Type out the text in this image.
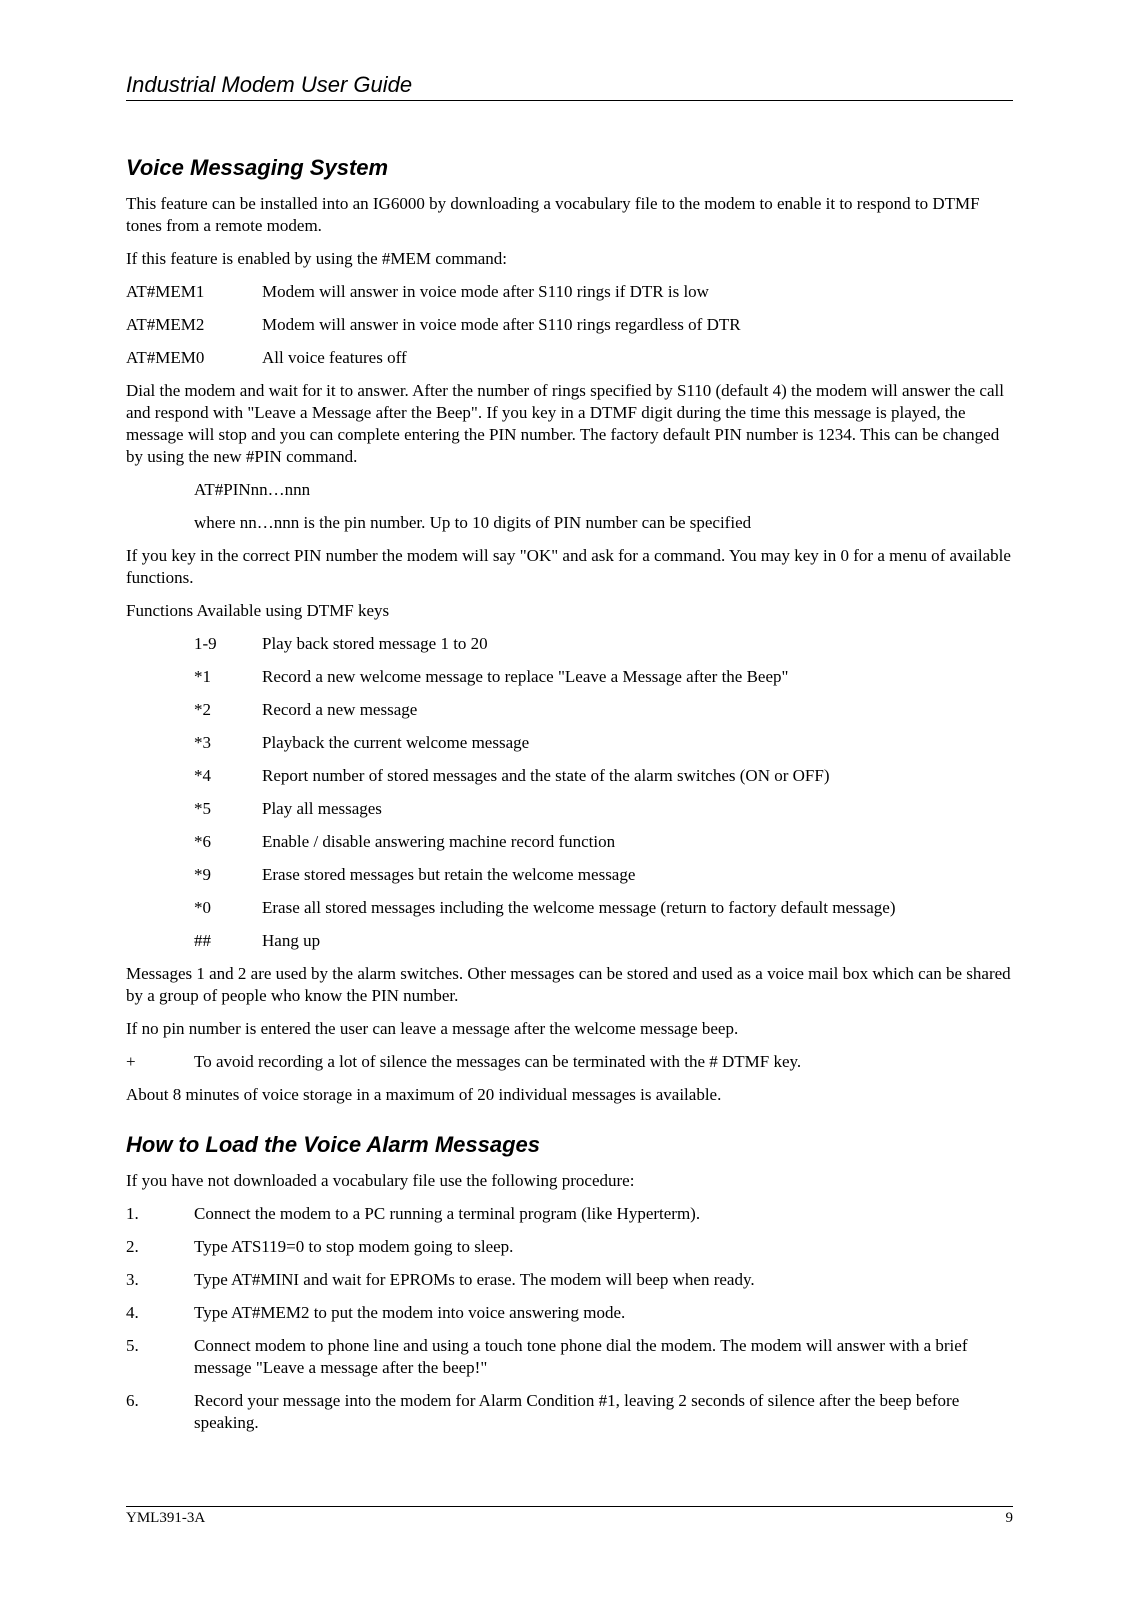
Industrial Modem User Guide
Voice Messaging System

This feature can be installed into an IG6000 by downloading a vocabulary file to the modem to enable it to respond to DTMF tones from a remote modem.

If this feature is enabled by using the #MEM command:

AT#MEM1	Modem will answer in voice mode after S110 rings if DTR is low
AT#MEM2	Modem will answer in voice mode after S110 rings regardless of DTR
AT#MEM0	All voice features off

Dial the modem and wait for it to answer. After the number of rings specified by S110 (default 4) the modem will answer the call and respond with "Leave a Message after the Beep". If you key in a DTMF digit during the time this message is played, the message will stop and you can complete entering the PIN number. The factory default PIN number is 1234. This can be changed by using the new #PIN command.

AT#PINnn…nnn

where nn…nnn is the pin number. Up to 10 digits of PIN number can be specified

If you key in the correct PIN number the modem will say "OK" and ask for a command. You may key in 0 for a menu of available functions.

Functions Available using DTMF keys

1-9	Play back stored message 1 to 20
*1	Record a new welcome message to replace "Leave a Message after the Beep"
*2	Record a new message
*3	Playback the current welcome message
*4	Report number of stored messages and the state of the alarm switches (ON or OFF)
*5	Play all messages
*6	Enable / disable answering machine record function
*9	Erase stored messages but retain the welcome message
*0	Erase all stored messages including the welcome message (return to factory default message)
##	Hang up

Messages 1 and 2 are used by the alarm switches. Other messages can be stored and used as a voice mail box which can be shared by a group of people who know the PIN number.

If no pin number is entered the user can leave a message after the welcome message beep.

+	To avoid recording a lot of silence the messages can be terminated with the # DTMF key.

About 8 minutes of voice storage in a maximum of 20 individual messages is available.

How to Load the Voice Alarm Messages

If you have not downloaded a vocabulary file use the following procedure:

1.	Connect the modem to a PC running a terminal program (like Hyperterm).
2.	Type ATS119=0 to stop modem going to sleep.
3.	Type AT#MINI and wait for EPROMs to erase. The modem will beep when ready.
4.	Type AT#MEM2 to put the modem into voice answering mode.
5.	Connect modem to phone line and using a touch tone phone dial the modem. The modem will answer with a brief message "Leave a message after the beep!"
6.	Record your message into the modem for Alarm Condition #1, leaving 2 seconds of silence after the beep before speaking.
YML391-3A	9
